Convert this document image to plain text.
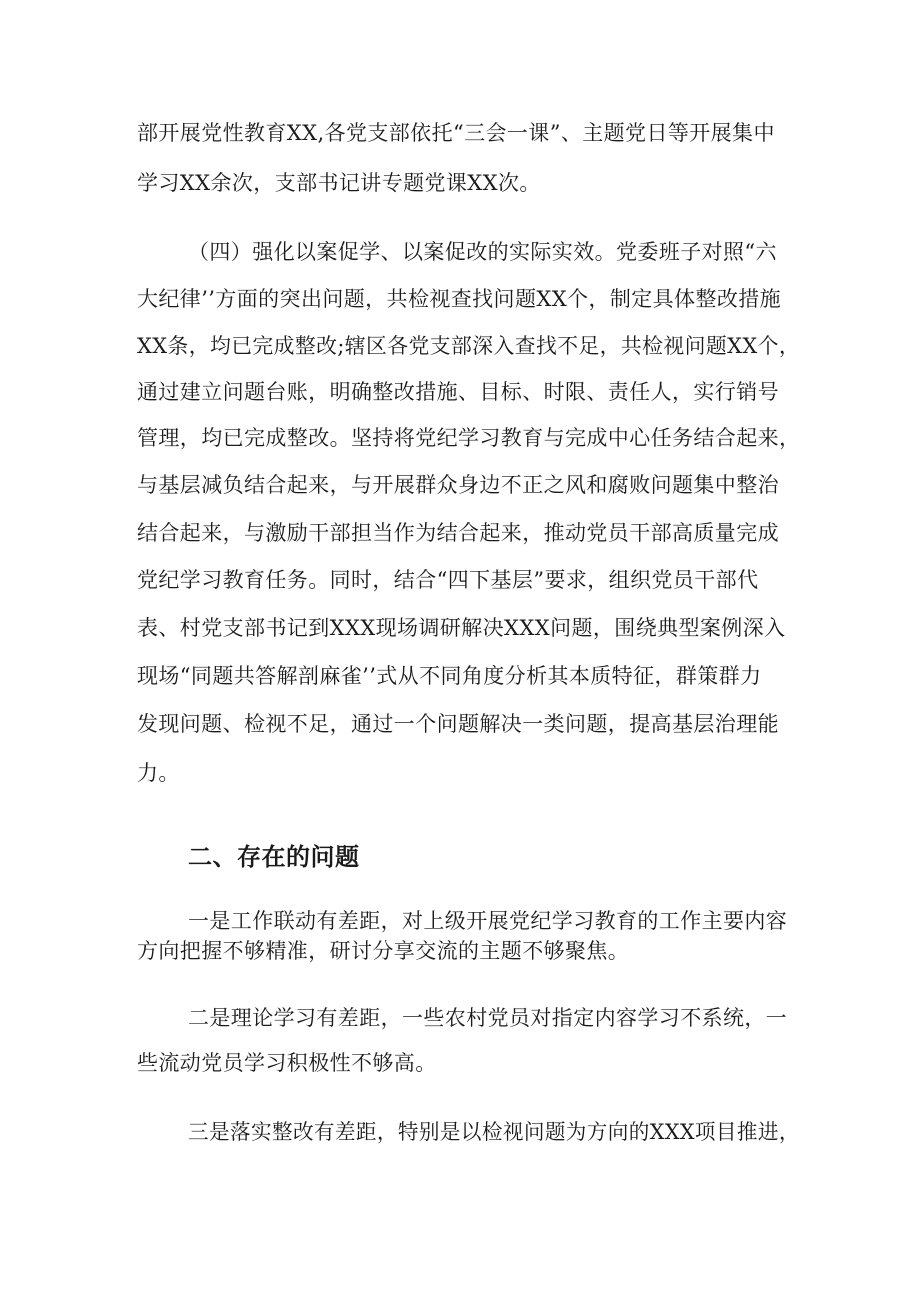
部开展党性教育XX,各党支部依托“三会一课”、主题党日等开展集中
学习XX余次，支部书记讲专题党课XX次。
（四）强化以案促学、以案促改的实际实效。党委班子对照“六
大纪律’’方面的突出问题，共检视查找问题XX个，制定具体整改措施
XX条，均已完成整改;辖区各党支部深入查找不足，共检视问题XX个，
通过建立问题台账，明确整改措施、目标、时限、责任人，实行销号
管理，均已完成整改。坚持将党纪学习教育与完成中心任务结合起来，
与基层减负结合起来，与开展群众身边不正之风和腐败问题集中整治
结合起来，与激励干部担当作为结合起来，推动党员干部高质量完成
党纪学习教育任务。同时，结合“四下基层”要求，组织党员干部代
表、村党支部书记到XXX现场调研解决XXX问题，围绕典型案例深入
现场“同题共答解剖麻雀’’式从不同角度分析其本质特征，群策群力
发现问题、检视不足，通过一个问题解决一类问题，提高基层治理能
力。
二、存在的问题
一是工作联动有差距，对上级开展党纪学习教育的工作主要内容
方向把握不够精准，研讨分享交流的主题不够聚焦。
二是理论学习有差距，一些农村党员对指定内容学习不系统，一
些流动党员学习积极性不够高。
三是落实整改有差距，特别是以检视问题为方向的XXX项目推进，
